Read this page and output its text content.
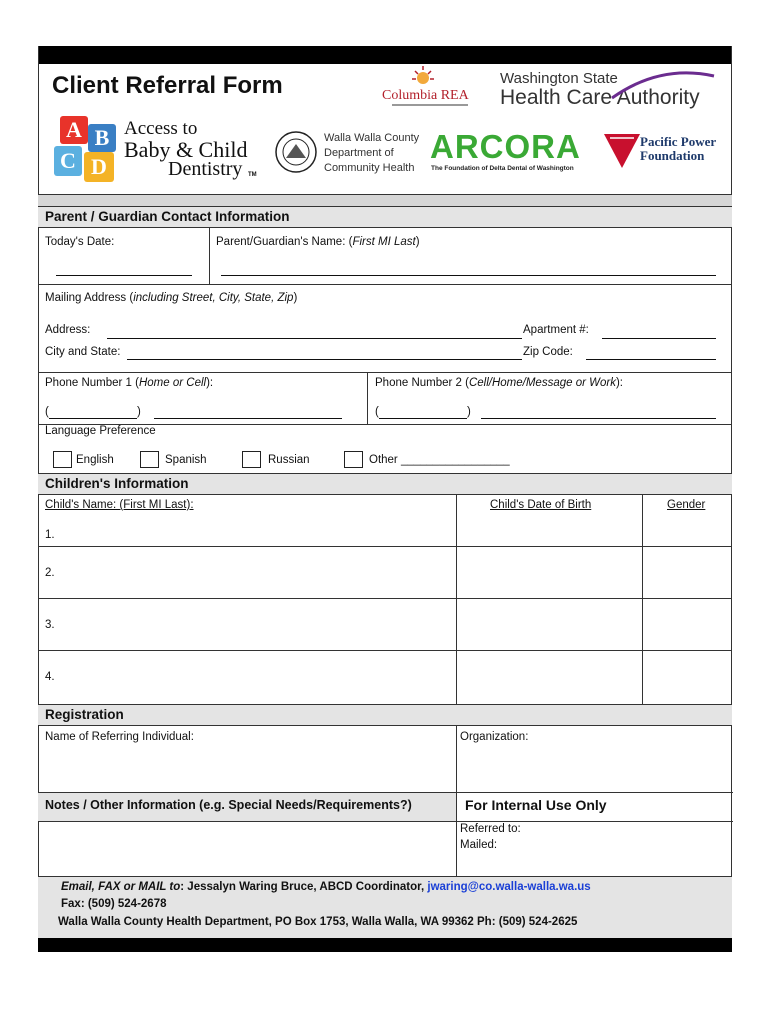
Client Referral Form
A B
C D
Access to
Baby & Child
Dentistry TM
Columbia REA
Washington State
Health Care Authority
Walla Walla County
Department of
Community Health
ARCORA
The Foundation of Delta Dental of Washington
Pacific Power
Foundation
Parent / Guardian Contact Information
Today's Date:	Parent/Guardian's Name: (First MI Last)
Mailing Address (including Street, City, State, Zip)
Address:	Apartment #:
City and State:	Zip Code:
Phone Number 1 (Home or Cell):	Phone Number 2 (Cell/Home/Message or Work):
(	)	(	)
Language Preference
English	Spanish	Russian	Other _________________
Children's Information
Child's Name: (First MI Last):	Child's Date of Birth	Gender
1.
2.
3.
4.
Registration
Name of Referring Individual:	Organization:
Notes / Other Information (e.g. Special Needs/Requirements?)	For Internal Use Only
Referred to:
Mailed:
Email, FAX or MAIL to: Jessalyn Waring Bruce, ABCD Coordinator, jwaring@co.walla-walla.wa.us
Fax: (509) 524-2678
Walla Walla County Health Department, PO Box 1753, Walla Walla, WA 99362 Ph: (509) 524-2625
